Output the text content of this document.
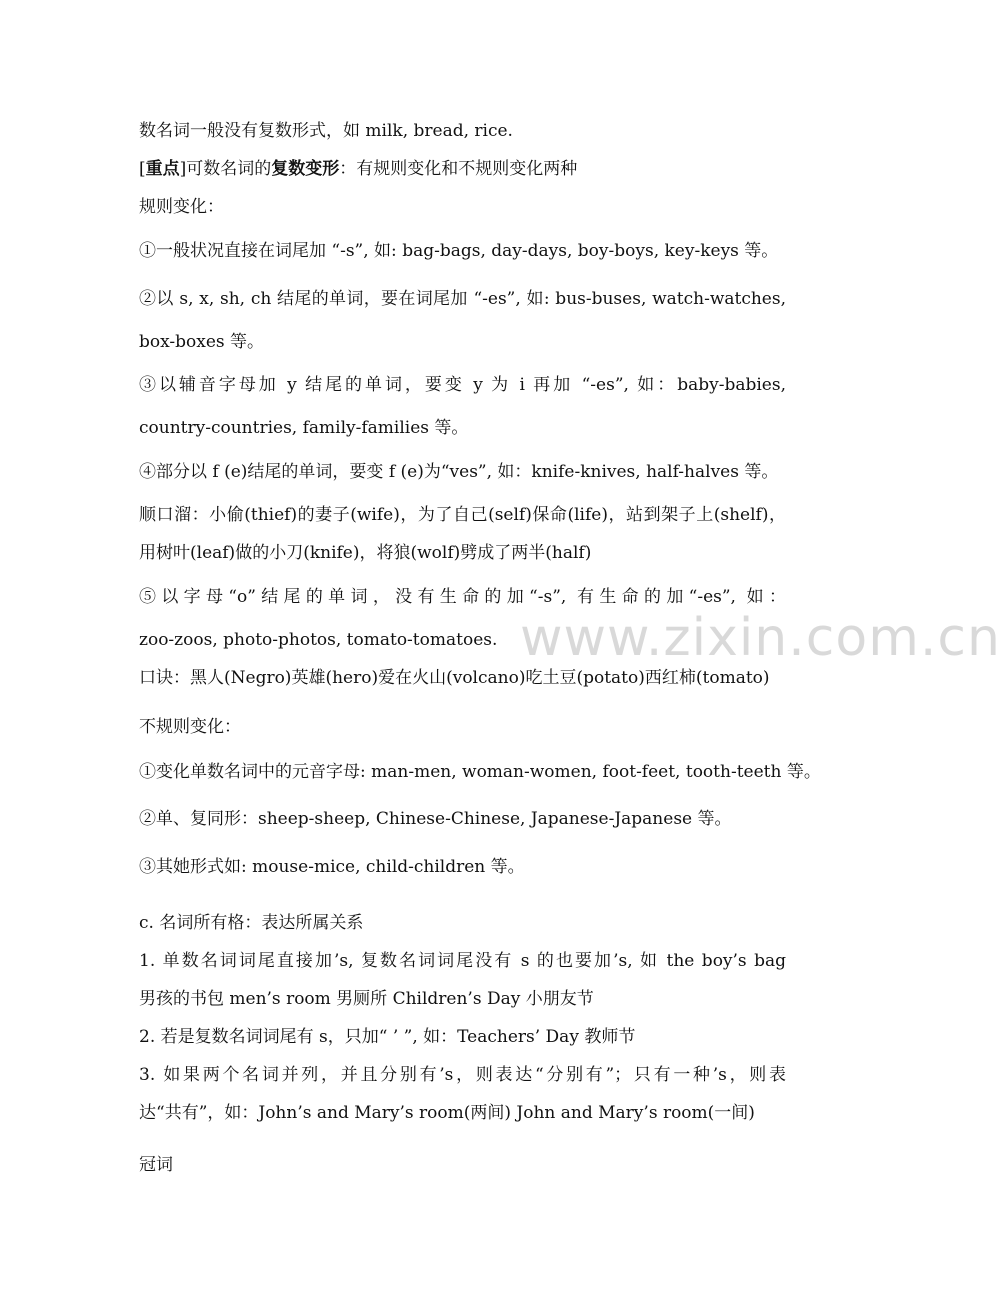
数名词一般没有复数形式，如 milk, bread, rice.
[重点]可数名词的复数变形：有规则变化和不规则变化两种
规则变化：
①一般状况直接在词尾加 “-s”, 如: bag-bags, day-days, boy-boys, key-keys 等。
②以 s, x, sh, ch 结尾的单词，要在词尾加 “-es”, 如: bus-buses, watch-watches,
box-boxes 等。
③以辅音字母加 y 结尾的单词，要变 y 为 i 再加 “-es”, 如：baby-babies,
country-countries, family-families 等。
④部分以 f (e)结尾的单词，要变 f (e)为“ves”, 如：knife-knives, half-halves 等。
顺口溜：小偷(thief)的妻子(wife)，为了自己(self)保命(life)，站到架子上(shelf)，
用树叶(leaf)做的小刀(knife)，将狼(wolf)劈成了两半(half)
⑤以字母“o”结尾的单词，没有生命的加“-s”, 有生命的加“-es”, 如：
zoo-zoos, photo-photos, tomato-tomatoes.
口诀：黑人(Negro)英雄(hero)爱在火山(volcano)吃土豆(potato)西红柿(tomato)
不规则变化：
①变化单数名词中的元音字母: man-men, woman-women, foot-feet, tooth-teeth 等。
②单、复同形：sheep-sheep, Chinese-Chinese, Japanese-Japanese 等。
③其她形式如: mouse-mice, child-children 等。
c. 名词所有格：表达所属关系
1. 单数名词词尾直接加’s, 复数名词词尾没有 s 的也要加’s, 如 the boy’s bag
男孩的书包 men’s room 男厕所 Children’s Day 小朋友节
2. 若是复数名词词尾有 s，只加“ ’ ”, 如：Teachers’ Day 教师节
3. 如果两个名词并列，并且分别有’s，则表达“分别有”；只有一种’s，则表
达“共有”，如：John’s and Mary’s room(两间) John and Mary’s room(一间)
冠词
www.zixin.com.cn
